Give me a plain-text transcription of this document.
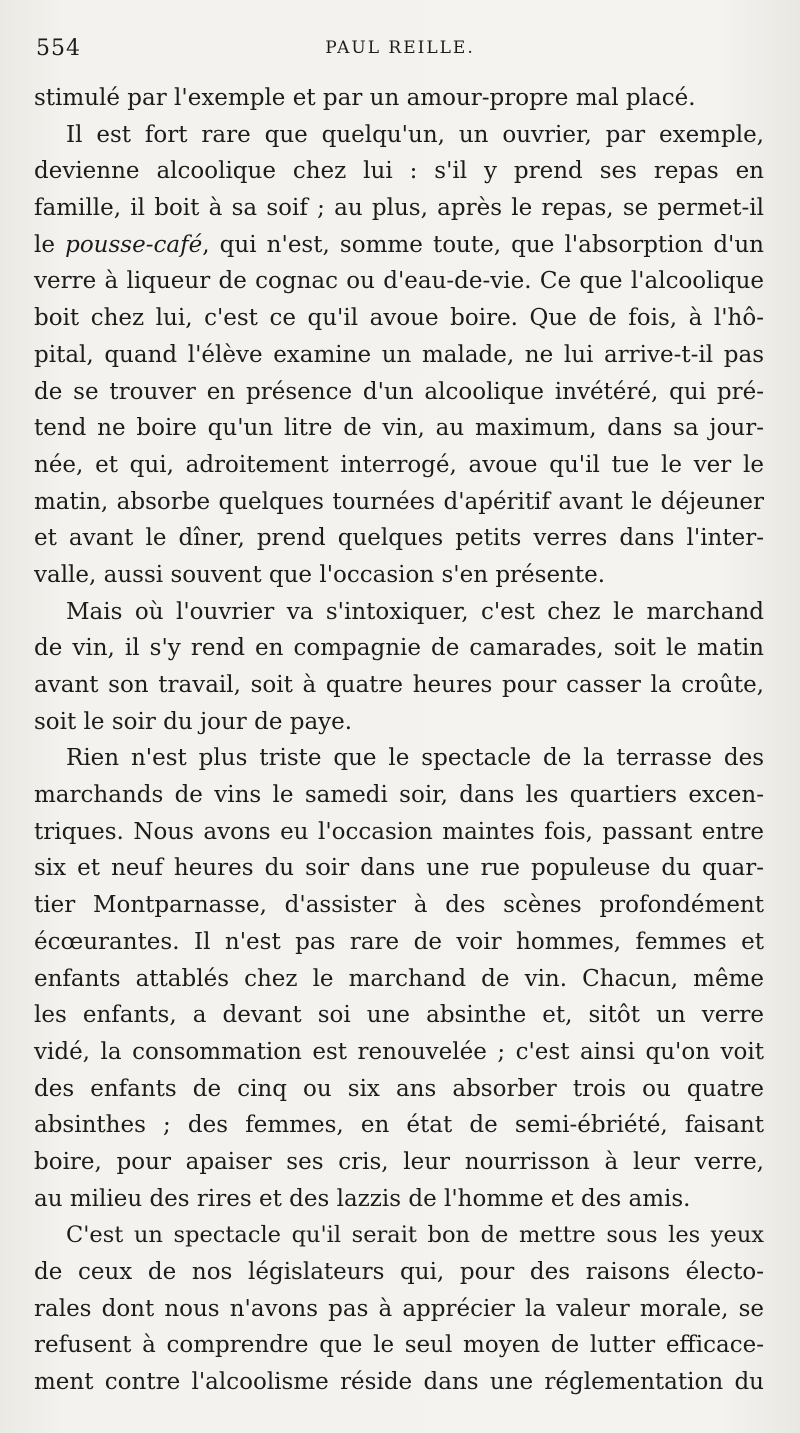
554	PAUL REILLE.
stimulé par l'exemple et par un amour-propre mal placé.
Il est fort rare que quelqu'un, un ouvrier, par exemple,
devienne alcoolique chez lui : s'il y prend ses repas en
famille, il boit à sa soif ; au plus, après le repas, se permet-il
le pousse-café, qui n'est, somme toute, que l'absorption d'un
verre à liqueur de cognac ou d'eau-de-vie. Ce que l'alcoolique
boit chez lui, c'est ce qu'il avoue boire. Que de fois, à l'hô-
pital, quand l'élève examine un malade, ne lui arrive-t-il pas
de se trouver en présence d'un alcoolique invétéré, qui pré-
tend ne boire qu'un litre de vin, au maximum, dans sa jour-
née, et qui, adroitement interrogé, avoue qu'il tue le ver le
matin, absorbe quelques tournées d'apéritif avant le déjeuner
et avant le dîner, prend quelques petits verres dans l'inter-
valle, aussi souvent que l'occasion s'en présente.
Mais où l'ouvrier va s'intoxiquer, c'est chez le marchand
de vin, il s'y rend en compagnie de camarades, soit le matin
avant son travail, soit à quatre heures pour casser la croûte,
soit le soir du jour de paye.
Rien n'est plus triste que le spectacle de la terrasse des
marchands de vins le samedi soir, dans les quartiers excen-
triques. Nous avons eu l'occasion maintes fois, passant entre
six et neuf heures du soir dans une rue populeuse du quar-
tier Montparnasse, d'assister à des scènes profondément
écœurantes. Il n'est pas rare de voir hommes, femmes et
enfants attablés chez le marchand de vin. Chacun, même
les enfants, a devant soi une absinthe et, sitôt un verre
vidé, la consommation est renouvelée ; c'est ainsi qu'on voit
des enfants de cinq ou six ans absorber trois ou quatre
absinthes ; des femmes, en état de semi-ébriété, faisant
boire, pour apaiser ses cris, leur nourrisson à leur verre,
au milieu des rires et des lazzis de l'homme et des amis.
C'est un spectacle qu'il serait bon de mettre sous les yeux
de ceux de nos législateurs qui, pour des raisons électo-
rales dont nous n'avons pas à apprécier la valeur morale, se
refusent à comprendre que le seul moyen de lutter efficace-
ment contre l'alcoolisme réside dans une réglementation du
